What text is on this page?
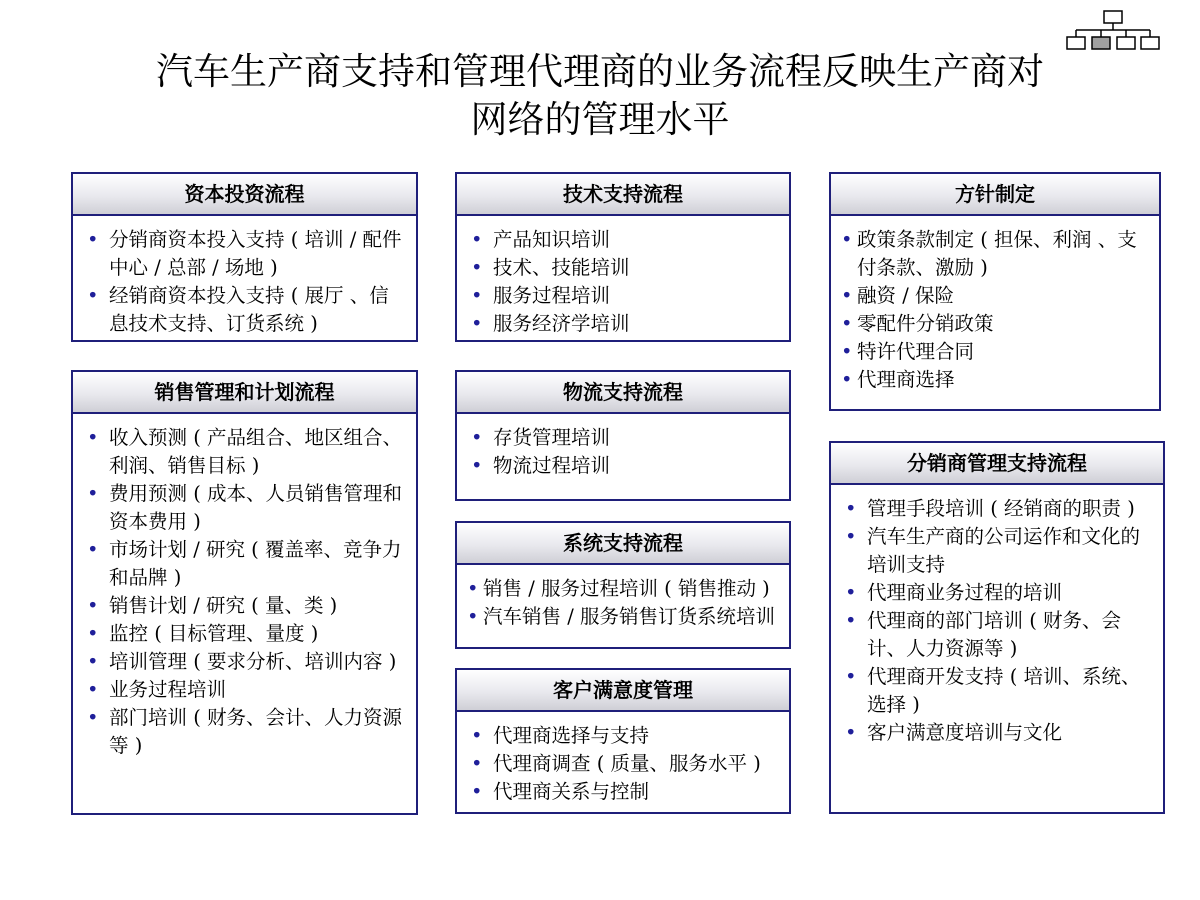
汽车生产商支持和管理代理商的业务流程反映生产商对
网络的管理水平
资本投资流程
• 分销商资本投入支持 ( 培训 / 配件中心 / 总部 / 场地 )
• 经销商资本投入支持 ( 展厅 、信息技术支持、订货系统 )
技术支持流程
• 产品知识培训
• 技术、技能培训
• 服务过程培训
• 服务经济学培训
方针制定
• 政策条款制定 ( 担保、利润 、支付条款、激励 )
• 融资 / 保险
• 零配件分销政策
• 特许代理合同
• 代理商选择
销售管理和计划流程
• 收入预测 ( 产品组合、地区组合、利润、销售目标 )
• 费用预测 ( 成本、人员销售管理和资本费用 )
• 市场计划 / 研究 ( 覆盖率、竞争力和品牌 )
• 销售计划 / 研究 ( 量、类 )
• 监控 ( 目标管理、量度 )
• 培训管理 ( 要求分析、培训内容 )
• 业务过程培训
• 部门培训 ( 财务、会计、人力资源等 )
物流支持流程
• 存货管理培训
• 物流过程培训
系统支持流程
• 销售 / 服务过程培训 ( 销售推动 )
• 汽车销售 / 服务销售订货系统培训
客户满意度管理
• 代理商选择与支持
• 代理商调查 ( 质量、服务水平 )
• 代理商关系与控制
分销商管理支持流程
• 管理手段培训 ( 经销商的职责 )
• 汽车生产商的公司运作和文化的培训支持
• 代理商业务过程的培训
• 代理商的部门培训 ( 财务、会计、人力资源等 )
• 代理商开发支持 ( 培训、系统、选择 )
• 客户满意度培训与文化
